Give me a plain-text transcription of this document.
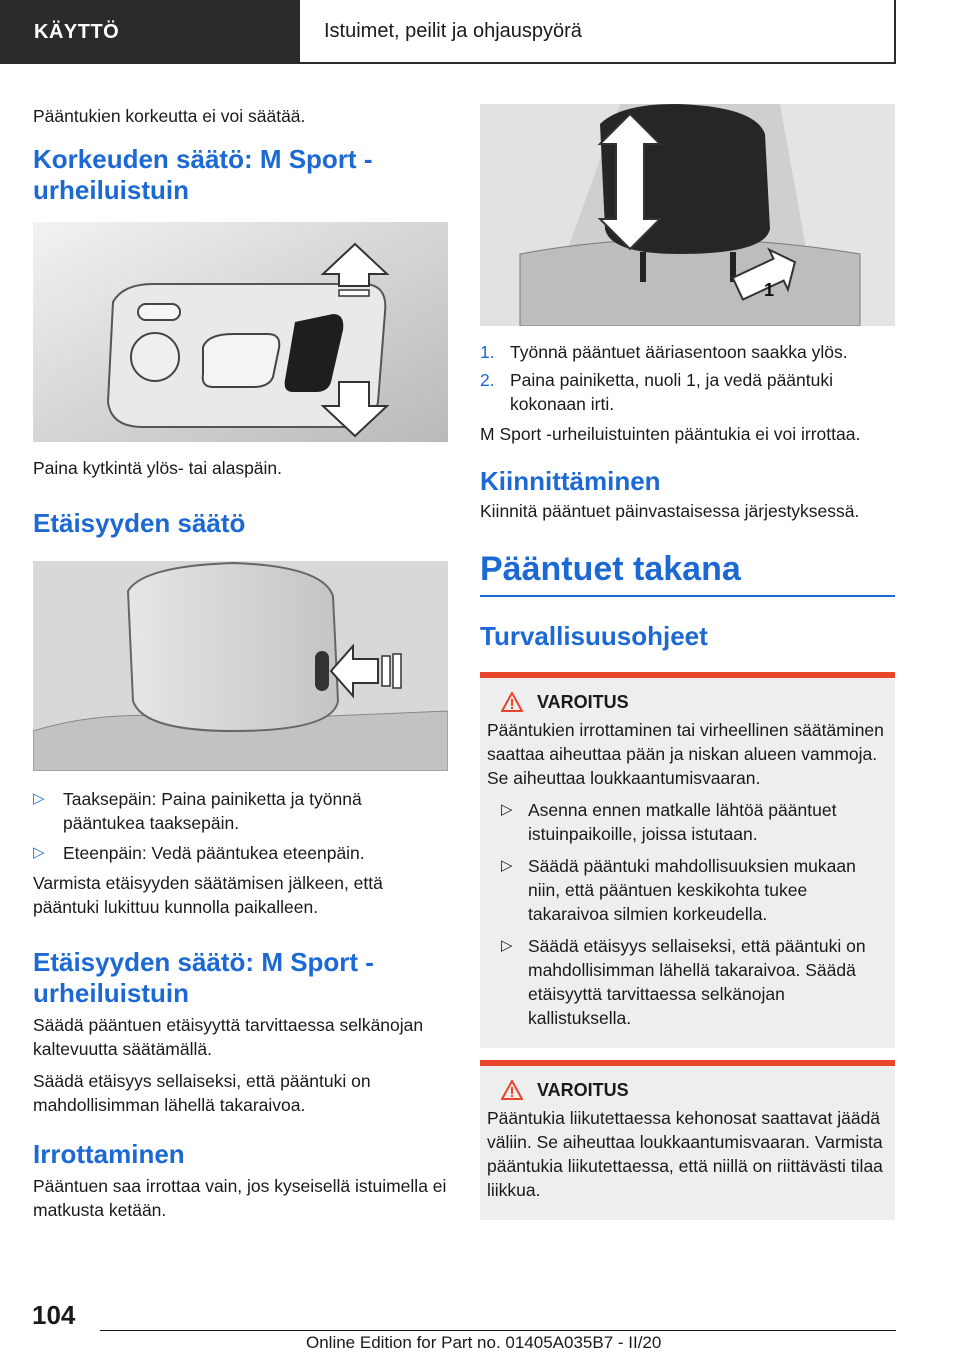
KÄYTTÖ	Istuimet, peilit ja ohjauspyörä

Pääntukien korkeutta ei voi säätää.

Korkeuden säätö: M Sport -urheiluistuin

Paina kytkintä ylös- tai alaspäin.

Etäisyyden säätö
▷ Taaksepäin: Paina painiketta ja työnnä pääntukea taaksepäin.
▷ Eteenpäin: Vedä pääntukea eteenpäin.

Varmista etäisyyden säätämisen jälkeen, että pääntuki lukittuu kunnolla paikalleen.

Etäisyyden säätö: M Sport -urheiluistuin

Säädä pääntuen etäisyyttä tarvittaessa selkänojan kaltevuutta säätämällä.

Säädä etäisyys sellaiseksi, että pääntuki on mahdollisimman lähellä takaraivoa.

Irrottaminen

Pääntuen saa irrottaa vain, jos kyseisellä istuimella ei matkusta ketään.

1
1. Työnnä pääntuet ääriasentoon saakka ylös.
2. Paina painiketta, nuoli 1, ja vedä pääntuki kokonaan irti.

M Sport -urheiluistuinten pääntukia ei voi irrottaa.

Kiinnittäminen

Kiinnitä pääntuet päinvastaisessa järjestyksessä.

Pääntuet takana
Turvallisuusohjeet
VAROITUS

Pääntukien irrottaminen tai virheellinen säätäminen saattaa aiheuttaa pään ja niskan alueen vammoja. Se aiheuttaa loukkaantumisvaaran.

▷ Asenna ennen matkalle lähtöä pääntuet istuinpaikoille, joissa istutaan.
▷ Säädä pääntuki mahdollisuuksien mukaan niin, että pääntuen keskikohta tukee takaraivoa silmien korkeudella.
▷ Säädä etäisyys sellaiseksi, että pääntuki on mahdollisimman lähellä takaraivoa. Säädä etäisyyttä tarvittaessa selkänojan kallistuksella.
VAROITUS

Pääntukia liikutettaessa kehonosat saattavat jäädä väliin. Se aiheuttaa loukkaantumisvaaran. Varmista pääntukia liikutettaessa, että niillä on riittävästi tilaa liikkua.

104
Online Edition for Part no. 01405A035B7 - II/20
